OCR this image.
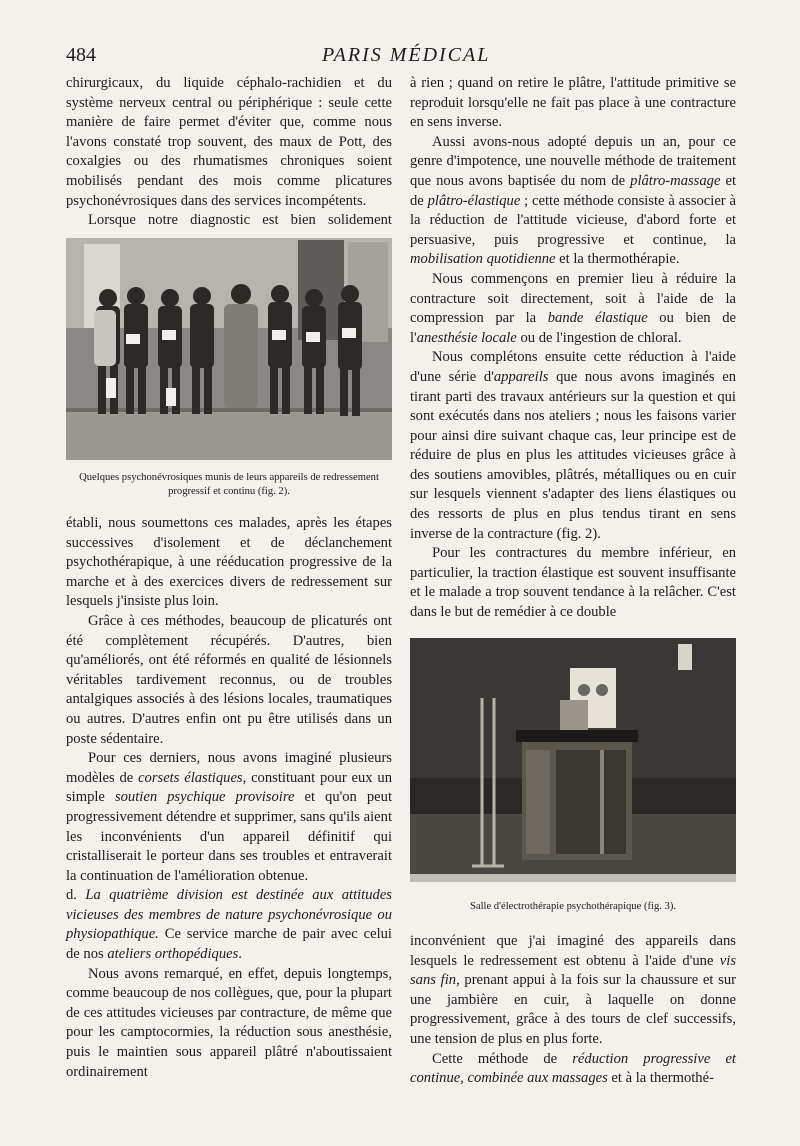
484	PARIS MÉDICAL

chirurgicaux, du liquide céphalo-rachidien et du système nerveux central ou périphérique : seule cette manière de faire permet d'éviter que, comme nous l'avons constaté trop souvent, des maux de Pott, des coxalgies ou des rhumatismes chroniques soient mobilisés pendant des mois comme plicatures psychonévrosiques dans des services incompétents.

Lorsque notre diagnostic est bien solidement

Quelques psychonévrosiques munis de leurs appareils de redressement progressif et continu (fig. 2).

établi, nous soumettons ces malades, après les étapes successives d'isolement et de déclanchement psychothérapique, à une rééducation progressive de la marche et à des exercices divers de redressement sur lesquels j'insiste plus loin.

Grâce à ces méthodes, beaucoup de plicaturés ont été complètement récupérés. D'autres, bien qu'améliorés, ont été réformés en qualité de lésionnels véritables tardivement reconnus, ou de troubles antalgiques associés à des lésions locales, traumatiques ou autres. D'autres enfin ont pu être utilisés dans un poste sédentaire.

Pour ces derniers, nous avons imaginé plusieurs modèles de corsets élastiques, constituant pour eux un simple soutien psychique provisoire et qu'on peut progressivement détendre et supprimer, sans qu'ils aient les inconvénients d'un appareil définitif qui cristalliserait le porteur dans ses troubles et entraverait la continuation de l'amélioration obtenue.

d. La quatrième division est destinée aux attitudes vicieuses des membres de nature psychonévrosique ou physiopathique. Ce service marche de pair avec celui de nos ateliers orthopédiques.

Nous avons remarqué, en effet, depuis longtemps, comme beaucoup de nos collègues, que, pour la plupart de ces attitudes vicieuses par contracture, de même que pour les camptocormies, la réduction sous anesthésie, puis le maintien sous appareil plâtré n'aboutissaient ordinairement

à rien ; quand on retire le plâtre, l'attitude primitive se reproduit lorsqu'elle ne fait pas place à une contracture en sens inverse.

Aussi avons-nous adopté depuis un an, pour ce genre d'impotence, une nouvelle méthode de traitement que nous avons baptisée du nom de plâtro-massage et de plâtro-élastique ; cette méthode consiste à associer à la réduction de l'attitude vicieuse, d'abord forte et persuasive, puis progressive et continue, la mobilisation quotidienne et la thermothérapie.

Nous commençons en premier lieu à réduire la contracture soit directement, soit à l'aide de la compression par la bande élastique ou bien de l'anesthésie locale ou de l'ingestion de chloral.

Nous complétons ensuite cette réduction à l'aide d'une série d'appareils que nous avons imaginés en tirant parti des travaux antérieurs sur la question et qui sont exécutés dans nos ateliers ; nous les faisons varier pour ainsi dire suivant chaque cas, leur principe est de réduire de plus en plus les attitudes vicieuses grâce à des soutiens amovibles, plâtrés, métalliques ou en cuir sur lesquels viennent s'adapter des liens élastiques ou des ressorts de plus en plus tendus tirant en sens inverse de la contracture (fig. 2).

Pour les contractures du membre inférieur, en particulier, la traction élastique est souvent insuffisante et le malade a trop souvent tendance à la relâcher. C'est dans le but de remédier à ce double

Salle d'électrothérapie psychothérapique (fig. 3).

inconvénient que j'ai imaginé des appareils dans lesquels le redressement est obtenu à l'aide d'une vis sans fin, prenant appui à la fois sur la chaussure et sur une jambière en cuir, à laquelle on donne progressivement, grâce à des tours de clef successifs, une tension de plus en plus forte.

Cette méthode de réduction progressive et continue, combinée aux massages et à la thermothé-
